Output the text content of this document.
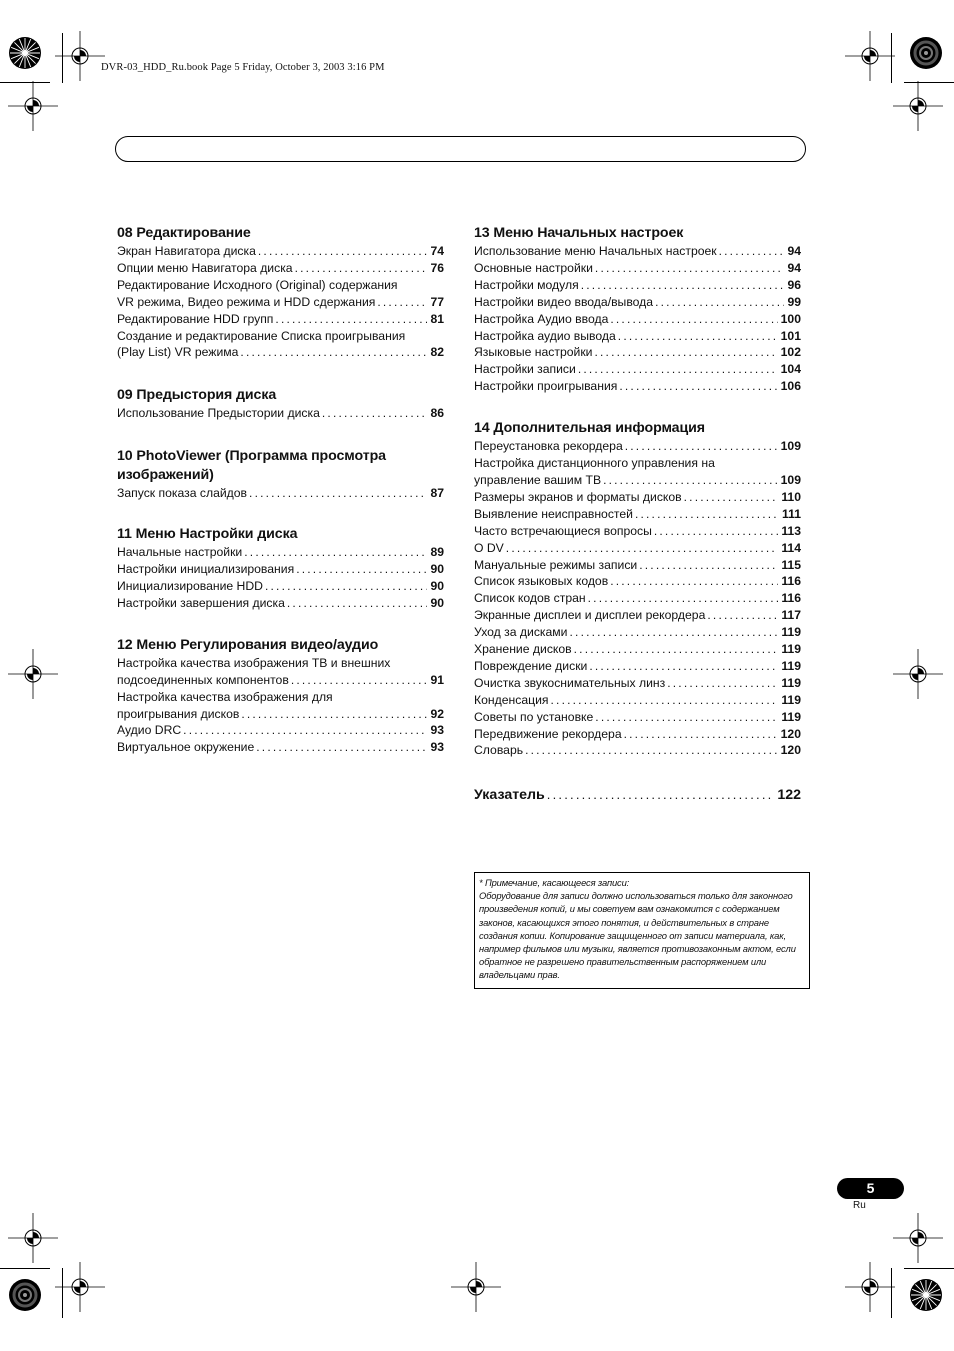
DVR-03_HDD_Ru.book Page 5 Friday, October 3, 2003 3:16 PM
08 Редактирование
Экран Навигатора диска .....	74
Опции меню Навигатора диска .....	76
Редактирование Исходного (Original) содержания
VR режима, Видео режима и HDD сдержания .....	77
Редактирование HDD групп .....	81
Создание и редактирование Списка проигрывания
(Play List) VR режима .....	82
09 Предыстория диска
Использование Предыстории диска .....	86
10 PhotoViewer (Программа просмотра изображений)
Запуск показа слайдов .....	87
11 Меню Настройки диска
Начальные настройки .....	89
Настройки инициализирования .....	90
Инициализирование HDD .....	90
Настройки завершения диска .....	90
12 Меню Регулирования видео/аудио
Настройка качества изображения ТВ и внешних
подсоединенных компонентов .....	91
Настройка качества изображения для
проигрывания дисков .....	92
Аудио DRC .....	93
Виртуальное окружение .....	93
13 Меню Начальных настроек
Использование меню Начальных настроек .....	94
Основные настройки .....	94
Настройки модуля .....	96
Настройки видео ввода/вывода .....	99
Настройка Аудио ввода .....	100
Настройка аудио вывода .....	101
Языковые настройки .....	102
Настройки записи .....	104
Настройки проигрывания .....	106
14 Дополнительная информация
Переустановка рекордера .....	109
Настройка дистанционного управления на
управление вашим ТВ .....	109
Размеры экранов и форматы дисков .....	110
Выявление неисправностей .....	111
Часто встречающиеся вопросы .....	113
O DV .....	114
Мануальные режимы записи .....	115
Список языковых кодов .....	116
Список кодов стран .....	116
Экранные дисплеи и дисплеи рекордера .....	117
Уход за дисками .....	119
Хранение дисков .....	119
Повреждение диски .....	119
Очистка звукоснимательных линз .....	119
Конденсация .....	119
Советы по установке .....	119
Передвижение рекордера .....	120
Словарь .....	120
Указатель .....	122
* Примечание, касающееся записи:
Оборудование для записи должно использоваться только для законного произведения копий, и мы советуем вам ознакомится с содержанием законов, касающихся этого понятия, и действительных в стране создания копии. Копирование защищенного от записи материала, как, например фильмов или музыки, является противозаконным актом, если обратное не разрешено правительственным распоряжением или владельцами прав.
5
Ru
